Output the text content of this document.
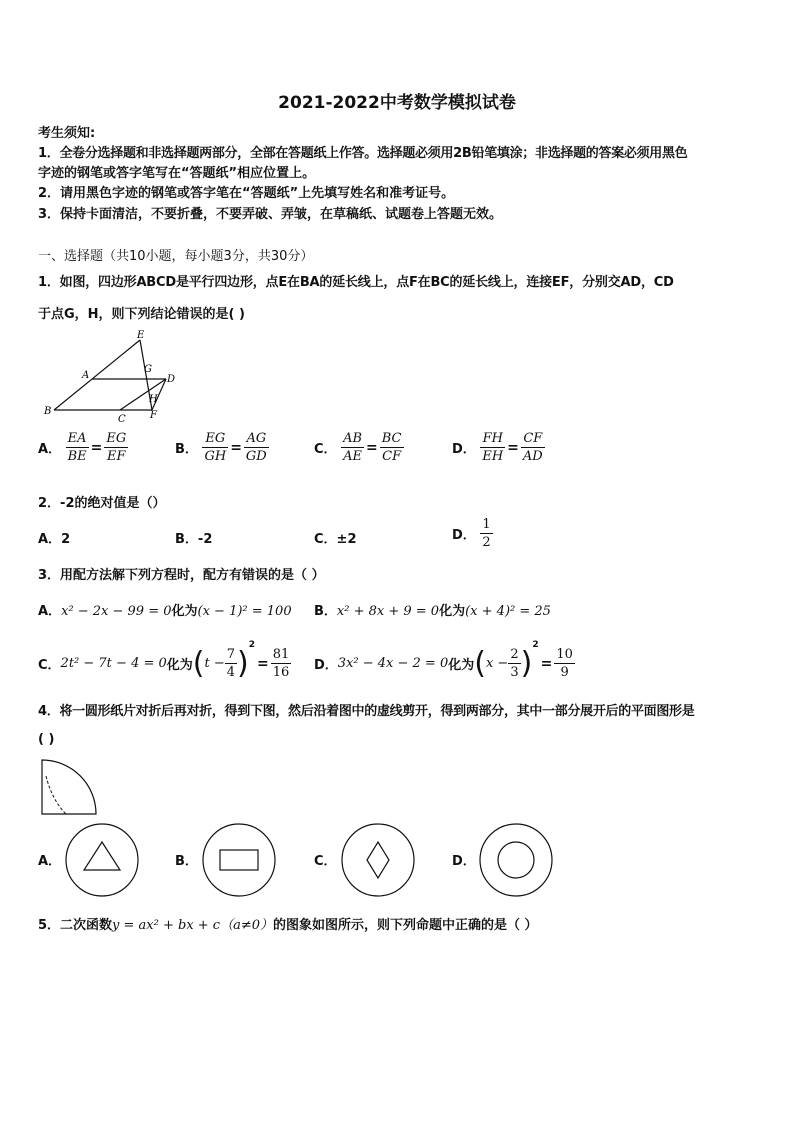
2021-2022中考数学模拟试卷
考生须知:
1．全卷分选择题和非选择题两部分，全部在答题纸上作答。选择题必须用2B铅笔填涂；非选择题的答案必须用黑色
字迹的钢笔或答字笔写在“答题纸”相应位置上。
2．请用黑色字迹的钢笔或答字笔在“答题纸”上先填写姓名和准考证号。
3．保持卡面清洁，不要折叠，不要弄破、弄皱，在草稿纸、试题卷上答题无效。
一、选择题（共10小题，每小题3分，共30分）
1．如图，四边形ABCD是平行四边形，点E在BA的延长线上，点F在BC的延长线上，连接EF，分别交AD，CD
于点G，H，则下列结论错误的是( )
E
A
G
D
H
B
C F
A． $\frac{EA}{BE} = \frac{EG}{EF}$	B． $\frac{EG}{GH} = \frac{AG}{GD}$	C． $\frac{AB}{AE} = \frac{BC}{CF}$	D． $\frac{FH}{EH} = \frac{CF}{AD}$
2．-2的绝对值是（）
A．2	B．-2	C．±2	D． $\frac{1}{2}$
3．用配方法解下列方程时，配方有错误的是（ ）
A．x² − 2x − 99 = 0化为(x − 1)² = 100 B．x² + 8x + 9 = 0化为(x + 4)² = 25
C．2t² − 7t − 4 = 0化为$(t - \frac{7}{4} )^2= \frac{81}{16}$ D．3x² − 4x − 2 = 0化为$(x - \frac{2}{3} )^2= \frac{10}{9}$
4．将一圆形纸片对折后再对折，得到下图，然后沿着图中的虚线剪开，得到两部分，其中一部分展开后的平面图形是
( )
A．	B．	C．	D．
5．二次函数y = ax² + bx + c（a≠0）的图象如图所示，则下列命题中正确的是（ ）
